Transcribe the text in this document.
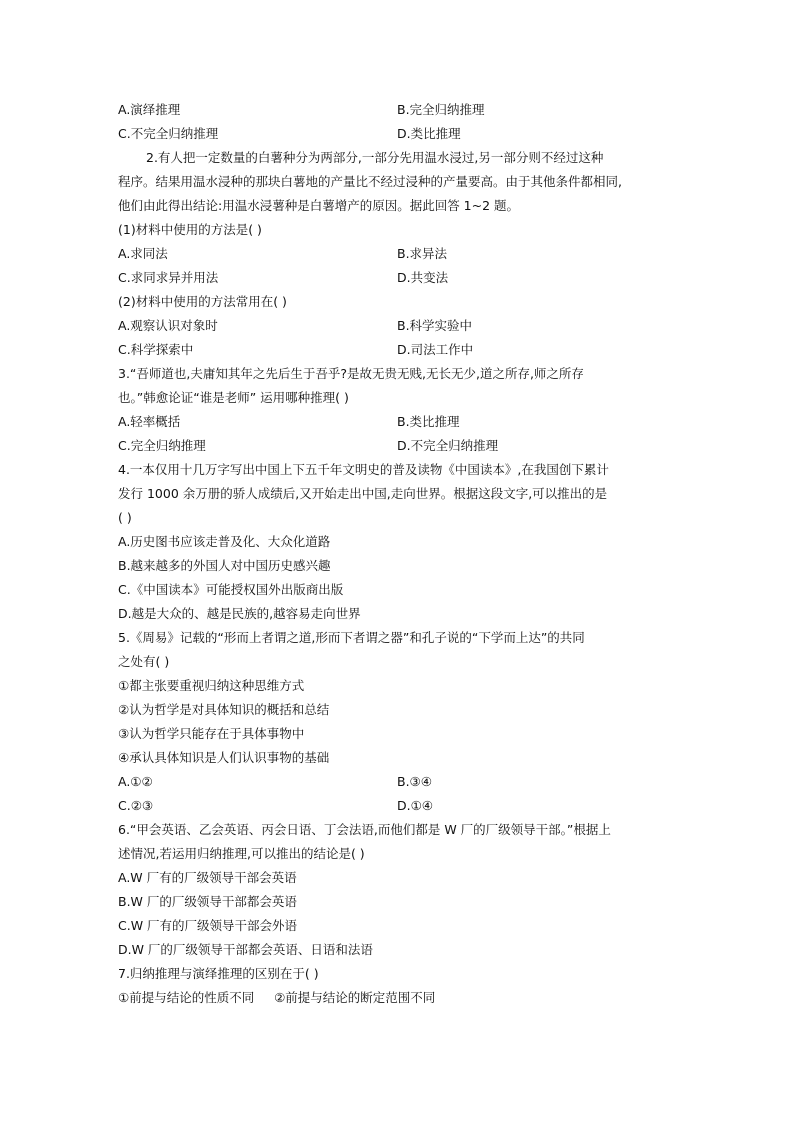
A.演绎推理	B.完全归纳推理
C.不完全归纳推理	D.类比推理
2.有人把一定数量的白薯种分为两部分,一部分先用温水浸过,另一部分则不经过这种
程序。结果用温水浸种的那块白薯地的产量比不经过浸种的产量要高。由于其他条件都相同,
他们由此得出结论:用温水浸薯种是白薯增产的原因。据此回答 1~2 题。
(1)材料中使用的方法是( )
A.求同法	B.求异法
C.求同求异并用法	D.共变法
(2)材料中使用的方法常用在( )
A.观察认识对象时	B.科学实验中
C.科学探索中	D.司法工作中
3.“吾师道也,夫庸知其年之先后生于吾乎?是故无贵无贱,无长无少,道之所存,师之所存
也。”韩愈论证“谁是老师” 运用哪种推理( )
A.轻率概括	B.类比推理
C.完全归纳推理	D.不完全归纳推理
4.一本仅用十几万字写出中国上下五千年文明史的普及读物《中国读本》,在我国创下累计
发行 1000 余万册的骄人成绩后,又开始走出中国,走向世界。根据这段文字,可以推出的是
( )
A.历史图书应该走普及化、大众化道路
B.越来越多的外国人对中国历史感兴趣
C.《中国读本》可能授权国外出版商出版
D.越是大众的、越是民族的,越容易走向世界
5.《周易》记载的“形而上者谓之道,形而下者谓之器”和孔子说的“下学而上达”的共同
之处有( )
①都主张要重视归纳这种思维方式
②认为哲学是对具体知识的概括和总结
③认为哲学只能存在于具体事物中
④承认具体知识是人们认识事物的基础
A.①②	B.③④
C.②③	D.①④
6.“甲会英语、乙会英语、丙会日语、丁会法语,而他们都是 W 厂的厂级领导干部。”根据上
述情况,若运用归纳推理,可以推出的结论是( )
A.W 厂有的厂级领导干部会英语
B.W 厂的厂级领导干部都会英语
C.W 厂有的厂级领导干部会外语
D.W 厂的厂级领导干部都会英语、日语和法语
7.归纳推理与演绎推理的区别在于( )
①前提与结论的性质不同     ②前提与结论的断定范围不同
